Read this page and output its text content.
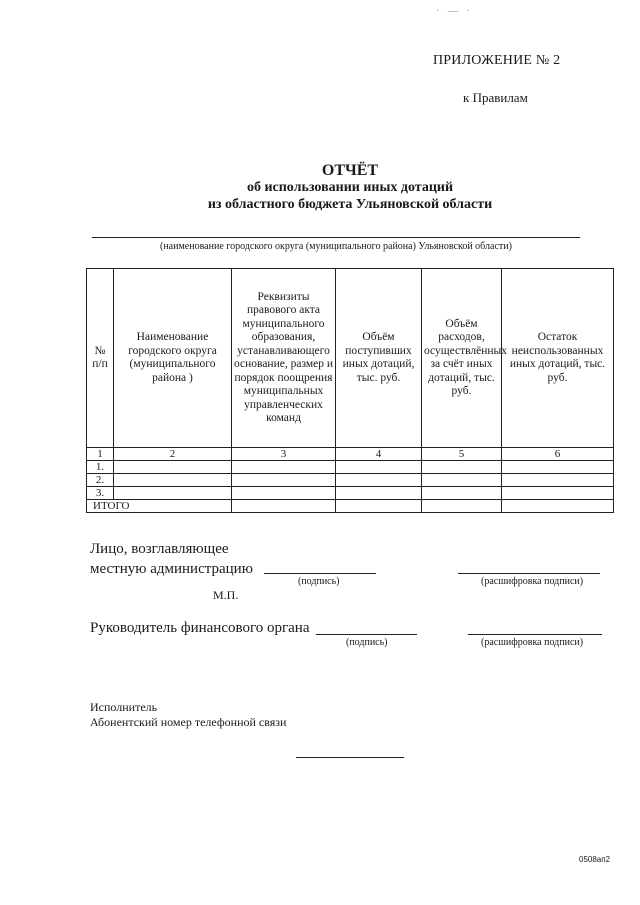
· — ·
ПРИЛОЖЕНИЕ № 2
к Правилам
ОТЧЁТ
об использовании иных дотаций
из областного бюджета Ульяновской области
(наименование городского округа (муниципального района) Ульяновской области)
№ п/п	Наименование городского округа (муниципального района )	Реквизиты правового акта муниципального образования, устанавливающего основание, размер и порядок поощрения муниципальных управленческих команд	Объём поступивших иных дотаций, тыс. руб.	Объём расходов, осуществлённых за счёт иных дотаций, тыс. руб.	Остаток неиспользованных иных дотаций, тыс. руб.
1	2	3	4	5	6
1.					
2.					
3.					
ИТОГО					
Лицо, возглавляющее
местную администрацию
(подпись)	(расшифровка подписи)
М.П.
Руководитель финансового органа
(подпись)	(расшифровка подписи)
Исполнитель
Абонентский номер телефонной связи
0508ап2
